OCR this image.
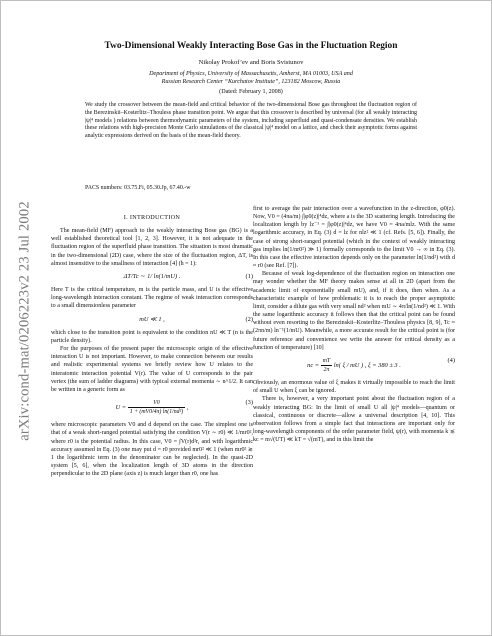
arXiv:cond-mat/0206223v2 23 Jul 2002
Two-Dimensional Weakly Interacting Bose Gas in the Fluctuation Region
Nikolay Prokof’ev and Boris Svistunov
Department of Physics, University of Massachusetts, Amherst, MA 01003, USA and
Russian Research Center “Kurchatov Institute”, 123182 Moscow, Russia
(Dated: February 1, 2008)
We study the crossover between the mean-field and critical behavior of the two-dimensional Bose gas throughout the fluctuation region of the Berezinskii–Kosterlitz–Thouless phase transition point. We argue that this crossover is described by universal (for all weakly interacting |ψ|⁴ models ) relations between thermodynamic parameters of the system, including superfluid and quasi-condensate densities. We establish these relations with high-precision Monte Carlo simulations of the classical |ψ|⁴ model on a lattice, and check their asymptotic forms against analytic expressions derived on the basis of the mean-field theory.
PACS numbers: 03.75.Fi, 05.30.Jp, 67.40.-w
I. INTRODUCTION

The mean-field (MF) approach to the weakly interacting Bose gas (BG) is a well established theoretical tool [1, 2, 3]. However, it is not adequate in the fluctuation region of the superfluid phase transition. The situation is most dramatic in the two-dimensional (2D) case, where the size of the fluctuation region, ΔT, is almost insensitive to the smallness of interaction [4] (ħ = 1):

ΔT/Tc ∼ 1/ ln(1/mU) .	(1)

Here T is the critical temperature, m is the particle mass, and U is the effective long-wavelength interaction constant. The regime of weak interaction corresponds to a small dimensionless parameter

mU ≪ 1 ,	(2)

which close to the transition point is equivalent to the condition nU ≪ T (n is the particle density).

For the purposes of the present paper the microscopic origin of the effective interaction U is not important. However, to make connection between our results and realistic experimental systems we briefly review how U relates to the interatomic interaction potential V(r). The value of U corresponds to the pair vertex (the sum of ladder diagrams) with typical external momenta ∼ n^1/2. It can be written in a generic form as

$U = \frac{V0}{\text{1 + (mV0/4π) ln(1/nd²)}}$ ,
(3)

where microscopic parameters V0 and d depend on the case. The simplest one is that of a weak short-ranged potential satisfying the condition V(r ∼ r0) ≪ 1/mr0², where r0 is the potential radius. In this case, V0 = ∫V(r)d²r, and with logarithmic accuracy assumed in Eq. (3) one may put d = r0 provided mr0² ≪ 1 (when mr0² ≳ 1 the logarithmic term in the denominator can be neglected). In the quasi-2D system [5, 6], when the localization length of 3D atoms in the direction perpendicular to the 2D plane (axis z) is much larger than r0, one has

first to average the pair interaction over a wavefunction in the z-direction, φ0(z). Now, V0 = (4πa/m) ∫|φ0(z)|⁴dz, where a is the 3D scattering length. Introducing the localization length by lz⁻¹ = ∫|φ0(z)|⁴dz, we have V0 = 4πa/mlz. With the same logarithmic accuracy, in Eq. (3) d = lz for nlz² ≪ 1 (cf. Refs. [5, 6]). Finally, the case of strong short-ranged potential (which in the context of weakly interacting gas implies ln(1/nr0²) ≫ 1) formally corresponds to the limit V0 → ∞ in Eq. (3). In this case the effective interaction depends only on the parameter ln(1/nd²) with d ≈ r0 (see Ref. [7]).

Because of weak log-dependence of the fluctuation region on interaction one may wonder whether the MF theory makes sense at all in 2D (apart from the academic limit of exponentially small mU), and, if it does, then when. As a characteristic example of how problematic it is to reach the proper asymptotic limit, consider a dilute gas with very small nd² when mU ∼ 4π/ln(1/nd²) ≪ 1. With the same logarithmic accuracy it follows then that the critical point can be found without even resorting to the Berezinskii–Kosterlitz–Thouless physics [8, 9], Tc ≈ (2πn/m) ln⁻¹(1/mU). Meanwhile, a more accurate result for the critical point is (for future reference and convenience we write the answer for critical density as a function of temperature) [10]

nc = $\frac{mT}{2\pi} \ln$( ξ / mU ) , ξ = 380 ± 3 .
(4)

Obviously, an enormous value of ξ makes it virtually impossible to reach the limit of small U when ξ can be ignored.

There is, however, a very important point about the fluctuation region of a weakly interacting BG: In the limit of small U all |ψ|⁴ models—quantum or classical, continuous or discrete—allow a universal description [4, 10]. This observation follows from a simple fact that interactions are important only for long-wavelength components of the order parameter field, ψ(r), with momenta k ≲ kc = m√(UT) ≪ kT = √(mT), and in this limit the
